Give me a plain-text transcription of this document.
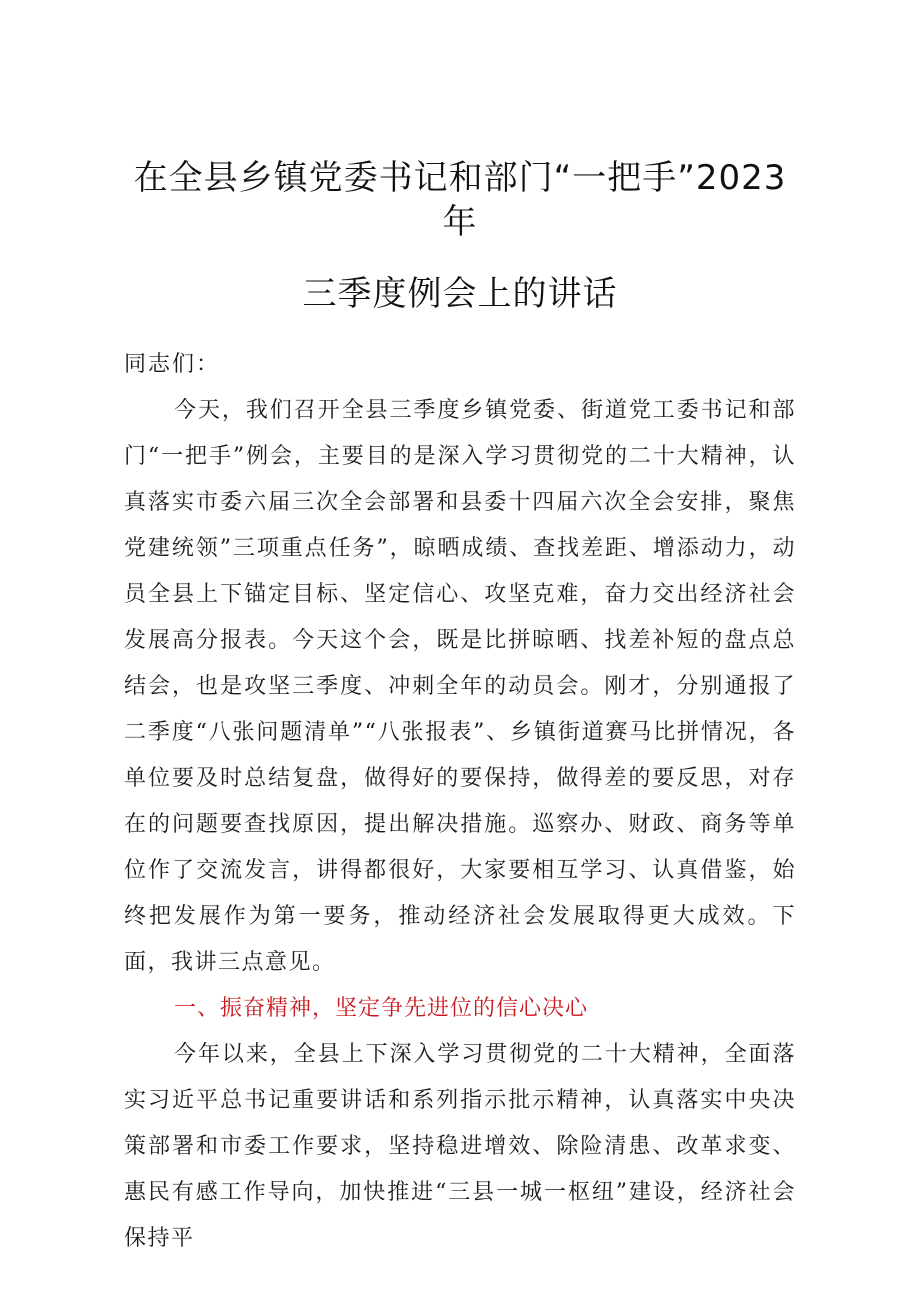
在全县乡镇党委书记和部门“一把手”2023
年
三季度例会上的讲话

同志们：

今天，我们召开全县三季度乡镇党委、街道党工委书记和部门“一把手”例会，主要目的是深入学习贯彻党的二十大精神，认真落实市委六届三次全会部署和县委十四届六次全会安排，聚焦党建统领”三项重点任务”，晾晒成绩、查找差距、增添动力，动员全县上下锚定目标、坚定信心、攻坚克难，奋力交出经济社会发展高分报表。今天这个会，既是比拼晾晒、找差补短的盘点总结会，也是攻坚三季度、冲刺全年的动员会。刚才，分别通报了二季度“八张问题清单”“八张报表”、乡镇街道赛马比拼情况，各单位要及时总结复盘，做得好的要保持，做得差的要反思，对存在的问题要查找原因，提出解决措施。巡察办、财政、商务等单位作了交流发言，讲得都很好，大家要相互学习、认真借鉴，始终把发展作为第一要务，推动经济社会发展取得更大成效。下面，我讲三点意见。

一、振奋精神，坚定争先进位的信心决心

今年以来，全县上下深入学习贯彻党的二十大精神，全面落实习近平总书记重要讲话和系列指示批示精神，认真落实中央决策部署和市委工作要求，坚持稳进增效、除险清患、改革求变、惠民有感工作导向，加快推进“三县一城一枢纽”建设，经济社会保持平
